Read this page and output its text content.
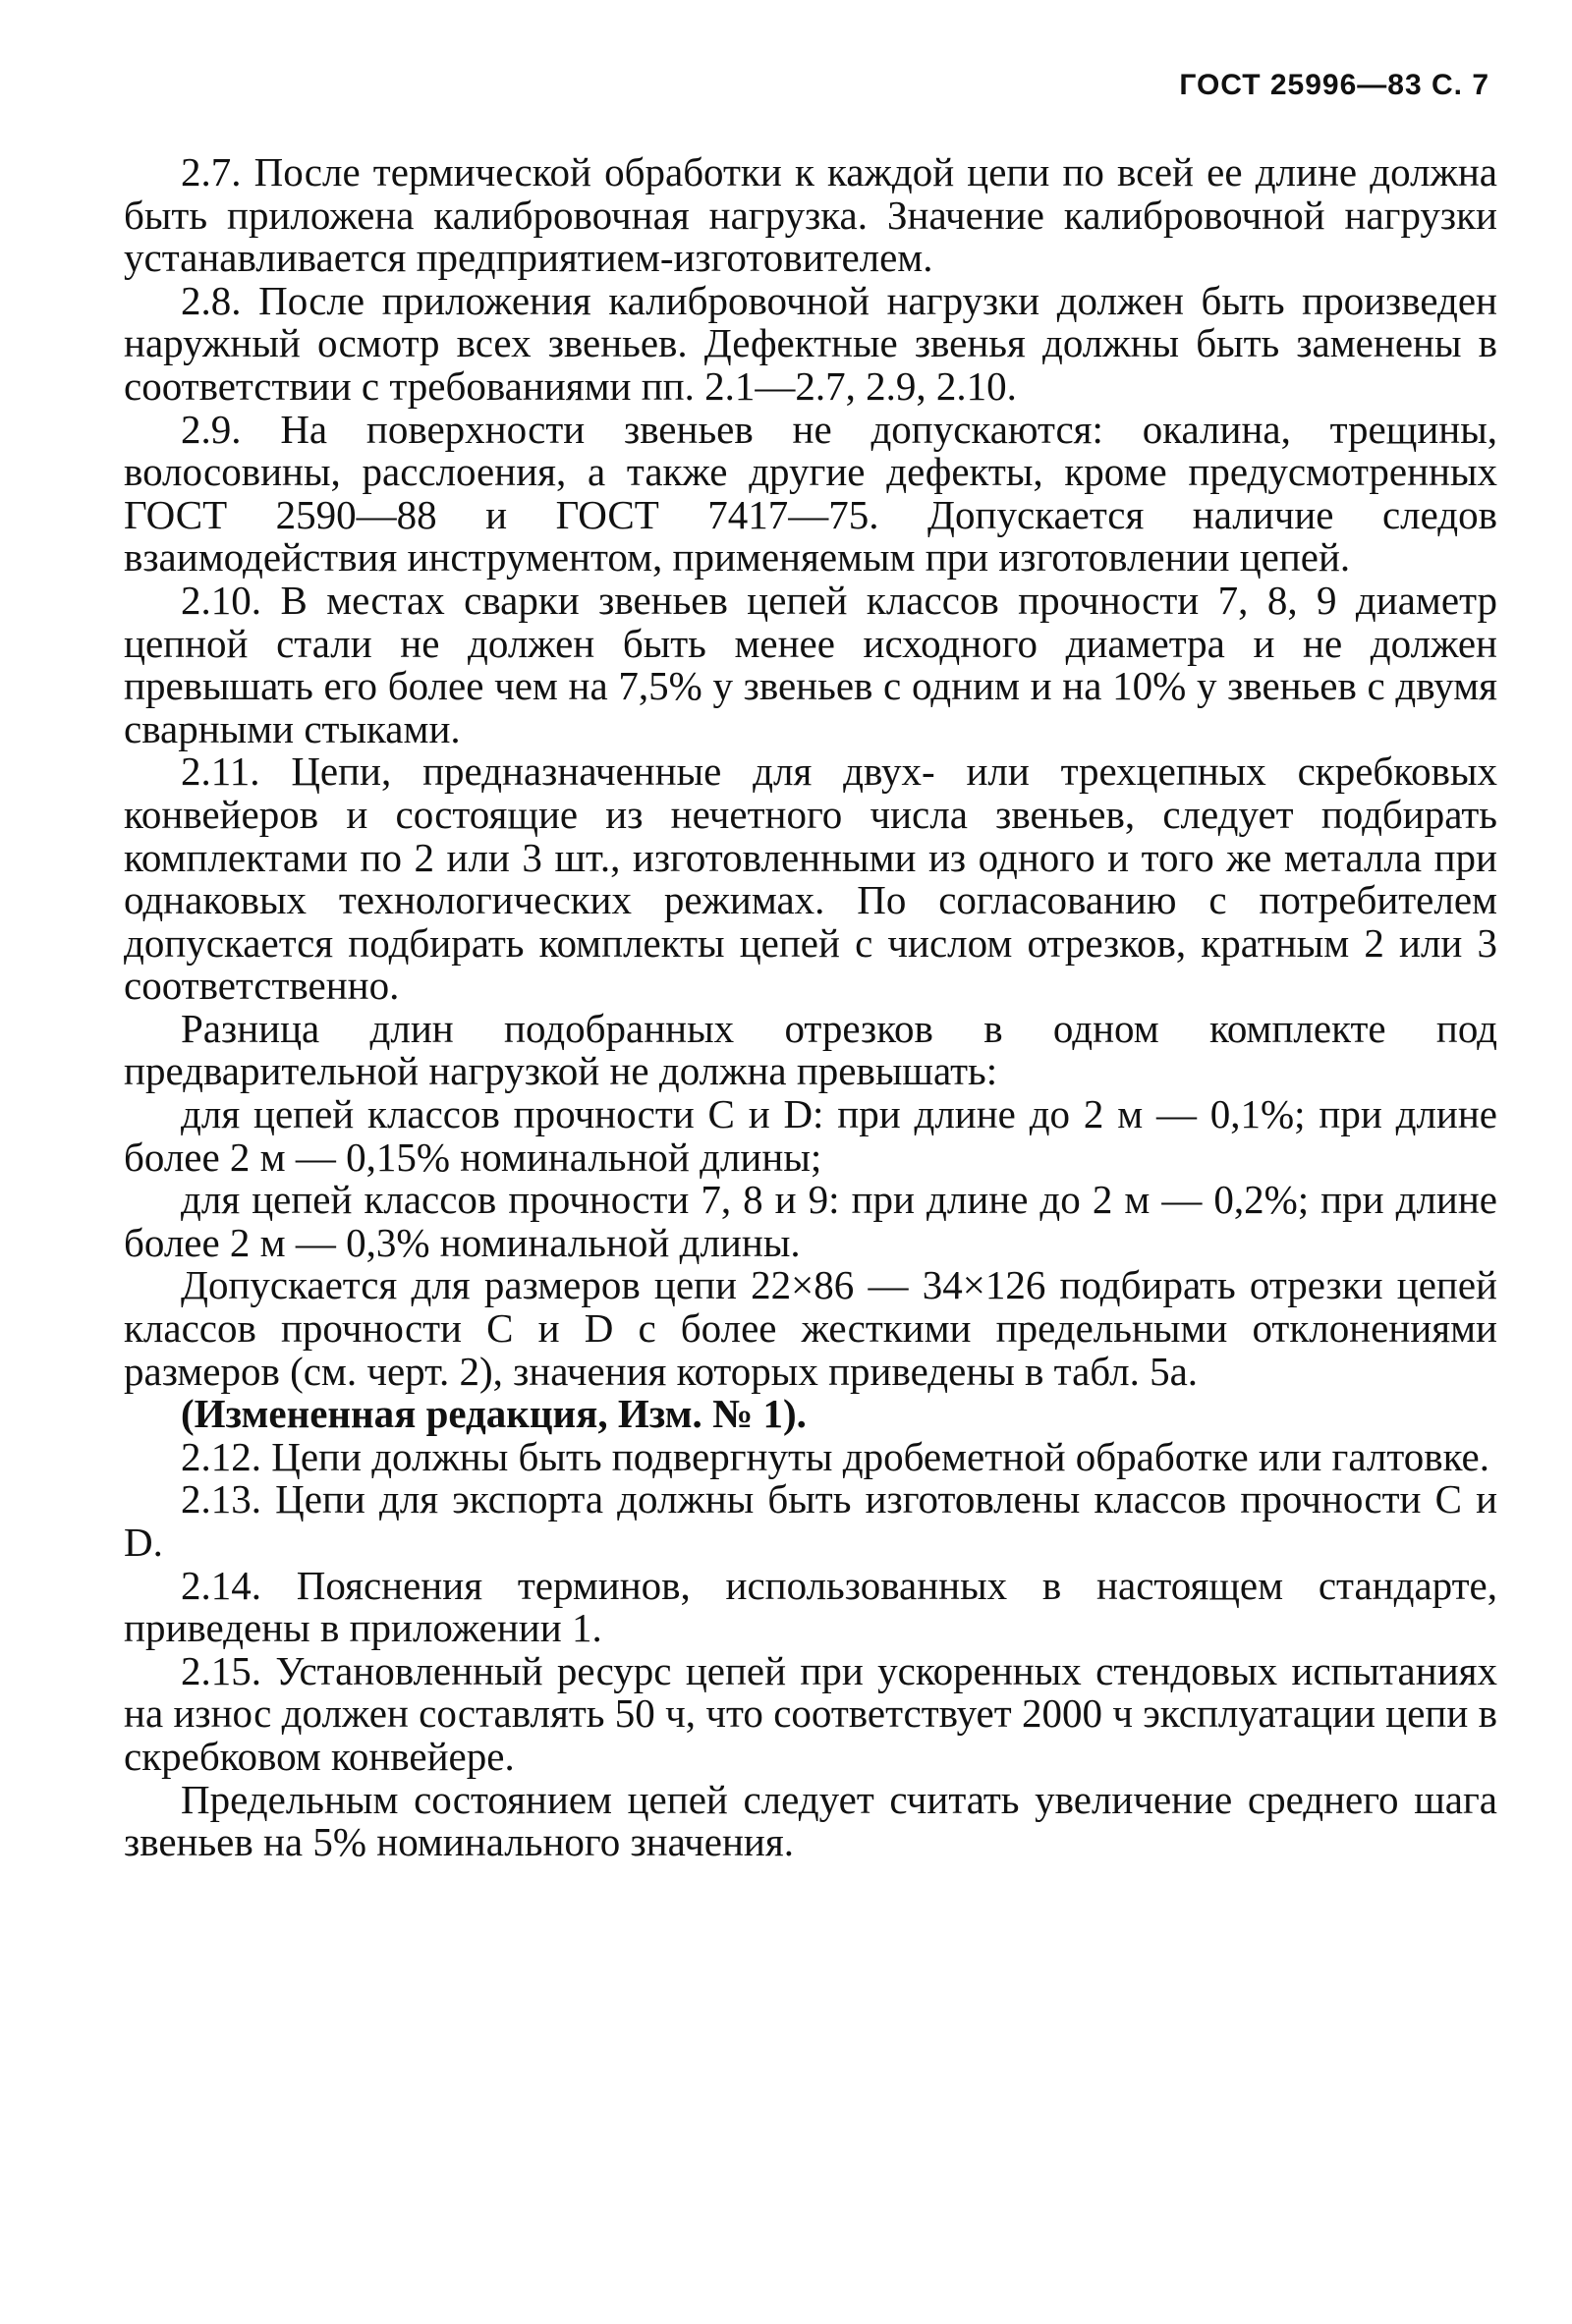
ГОСТ 25996—83 С. 7

2.7. После термической обработки к каждой цепи по всей ее длине должна быть приложена калибровочная нагрузка. Значение калибровочной нагрузки устанавливается предприятием-изготовителем.

2.8. После приложения калибровочной нагрузки должен быть произведен наружный осмотр всех звеньев. Дефектные звенья должны быть заменены в соответствии с требованиями пп. 2.1—2.7, 2.9, 2.10.

2.9. На поверхности звеньев не допускаются: окалина, трещины, волосовины, расслоения, а также другие дефекты, кроме предусмотренных ГОСТ 2590—88 и ГОСТ 7417—75. Допускается наличие следов взаимодействия инструментом, применяемым при изготовлении цепей.

2.10. В местах сварки звеньев цепей классов прочности 7, 8, 9 диаметр цепной стали не должен быть менее исходного диаметра и не должен превышать его более чем на 7,5% у звеньев с одним и на 10% у звеньев с двумя сварными стыками.

2.11. Цепи, предназначенные для двух- или трехцепных скребковых конвейеров и состоящие из нечетного числа звеньев, следует подбирать комплектами по 2 или 3 шт., изготовленными из одного и того же металла при однаковых технологических режимах. По согласованию с потребителем допускается подбирать комплекты цепей с числом отрезков, кратным 2 или 3 соответственно.

Разница длин подобранных отрезков в одном комплекте под предварительной нагрузкой не должна превышать:

для цепей классов прочности C и D: при длине до 2 м — 0,1%; при длине более 2 м — 0,15% номинальной длины;

для цепей классов прочности 7, 8 и 9: при длине до 2 м — 0,2%; при длине более 2 м — 0,3% номинальной длины.

Допускается для размеров цепи 22×86 — 34×126 подбирать отрезки цепей классов прочности C и D с более жесткими предельными отклонениями размеров (см. черт. 2), значения которых приведены в табл. 5а.

(Измененная редакция, Изм. № 1).

2.12. Цепи должны быть подвергнуты дробеметной обработке или галтовке.

2.13. Цепи для экспорта должны быть изготовлены классов прочности C и D.

2.14. Пояснения терминов, использованных в настоящем стандарте, приведены в приложении 1.

2.15. Установленный ресурс цепей при ускоренных стендовых испытаниях на износ должен составлять 50 ч, что соответствует 2000 ч эксплуатации цепи в скребковом конвейере.

Предельным состоянием цепей следует считать увеличение среднего шага звеньев на 5% номинального значения.
